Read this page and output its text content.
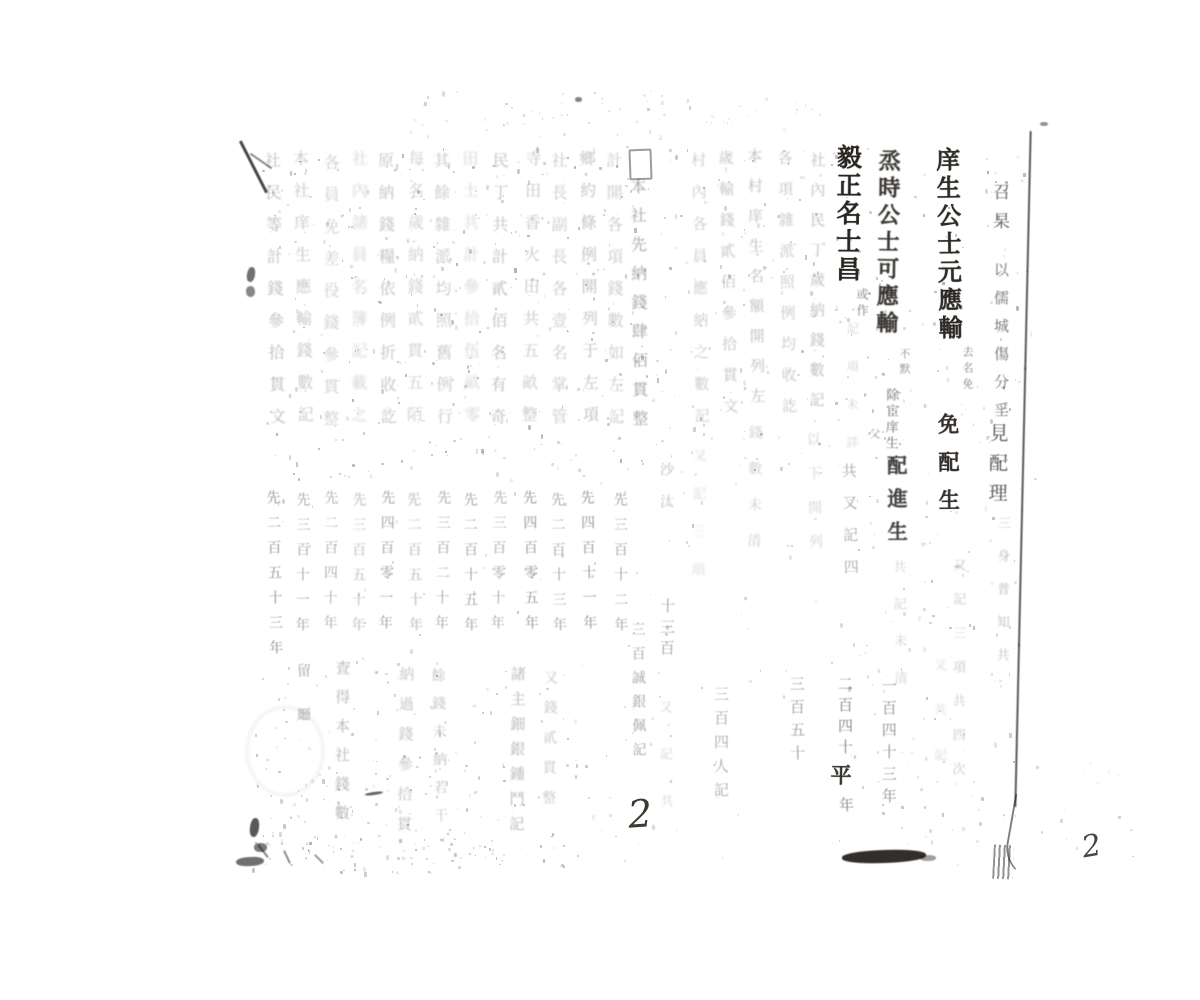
召杲
以儒城傷分㸒
見配理
三身普知共
庠生公士元應輸
去名免
免配生
又記三項共四次
烝時公士可應輸
或作
不默
除宦庠生
父
配進生
共記未清
一百四十三年
毅正名士昌
記項未詳
共又記四
二百四十
平
年
社內民丁歲納錢數記
以下開列
三百五十
各項雜派照例均收訖
本村庠生名額開列左
錢數未清
三百四人記
歲輸錢貳佰參拾貫文
村內各員應納之數記
又記三項
沙汰
十三百
又記共	又共記
社民等計錢參拾貫文 本社庠生應輸錢數記 各員免差役錢參貫整 社內諸員名簿記載之 原納錢糧依例折收訖 每名歲納錢貳貫五陌 其餘雜派均照舊例行 田土共計參拾伍畝零 民丁共計貳佰名有奇 寺田香火田共五畝整 社長副長各壹名掌管 鄉約條例開列于左項 計開各項錢數如左記 本社先納錢肆佰貫整
先二百五十三年 先三百十一年 先二百四十年 先三百五十年 先四百零一年 先二百五十年 先三百二十年 先二百十五年 先三百零十年 先四百零五年 先二百十三年 先四百十一年 先三百十二年
留㕔 査得本社錢數	納過錢參拾貫 餘錢未納若干	諸主鈿銀鍾鬥記 又錢貳貫整	三百誠銀佩記
2
2
